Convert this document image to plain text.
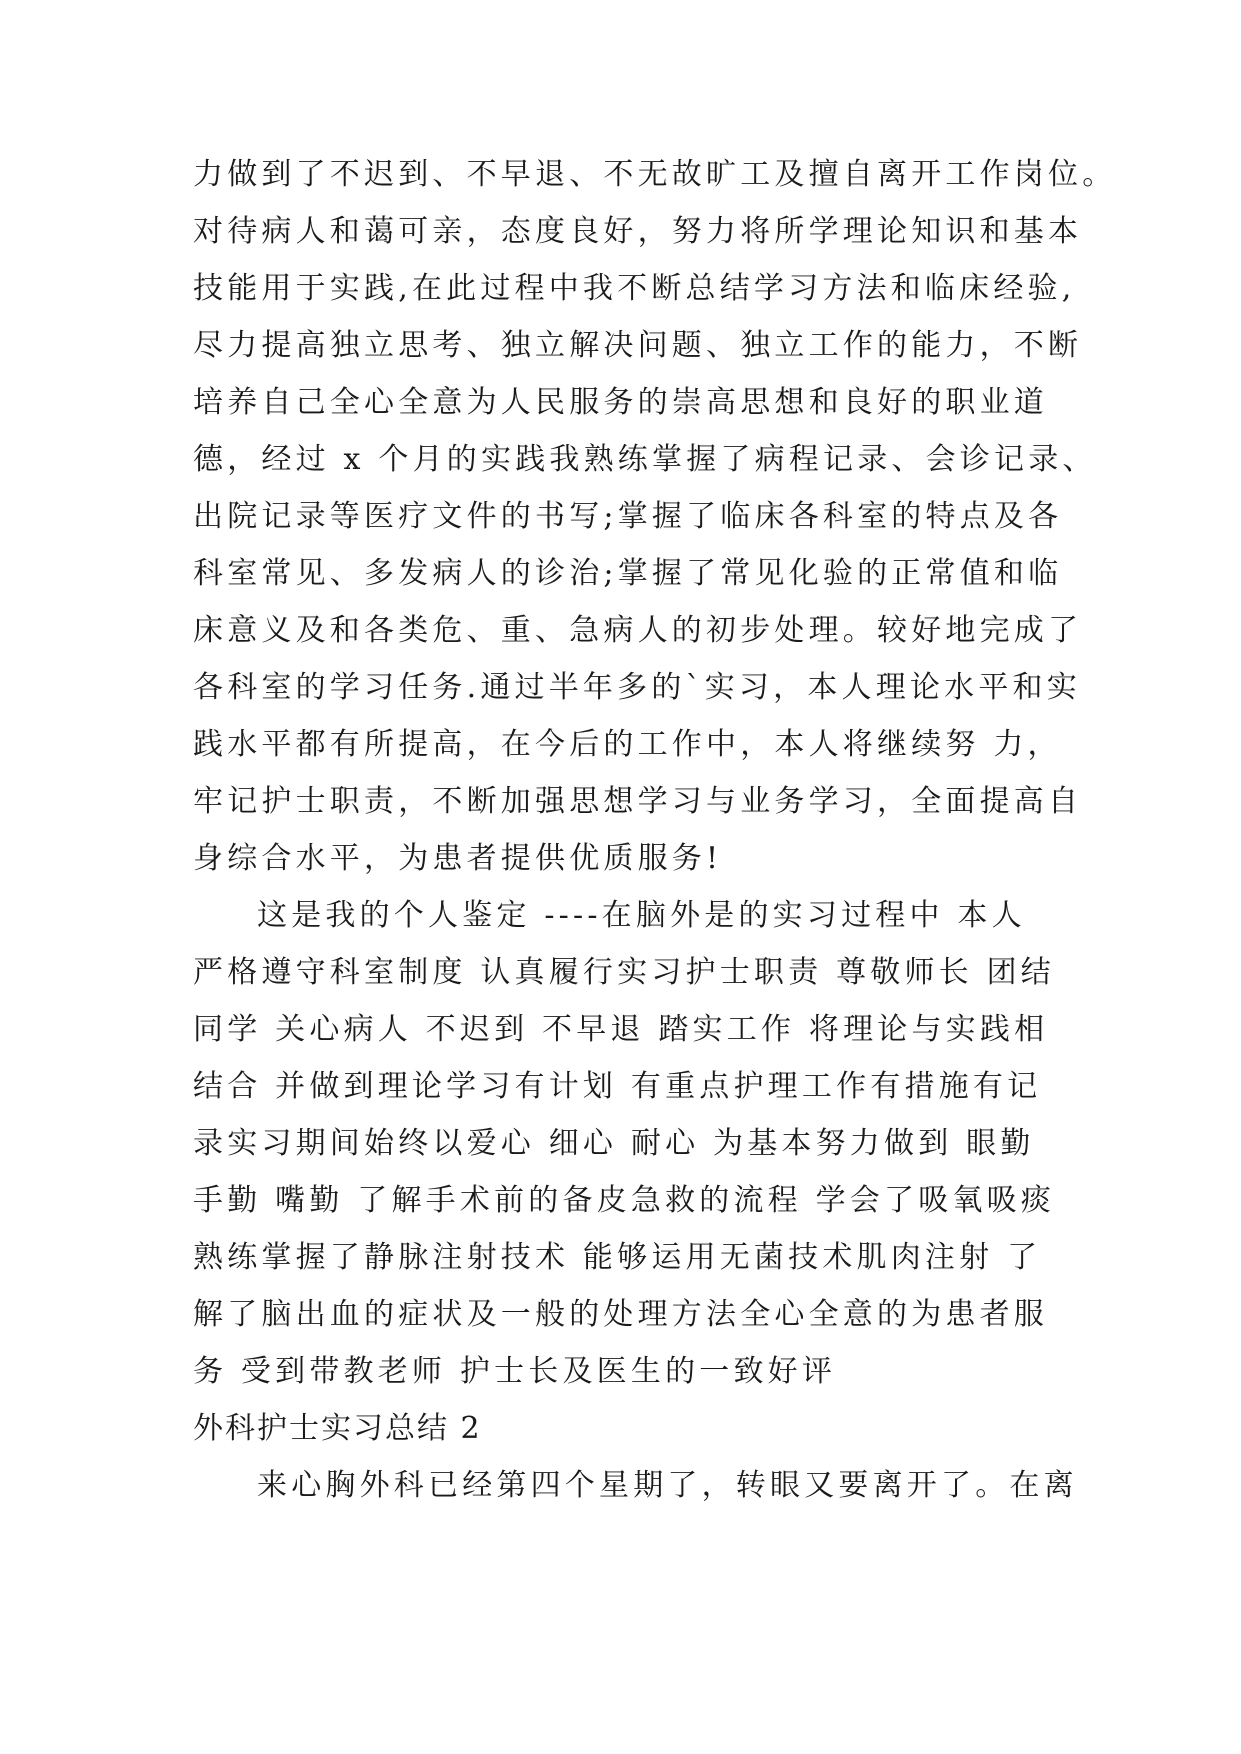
力做到了不迟到、不早退、不无故旷工及擅自离开工作岗位。
对待病人和蔼可亲，态度良好，努力将所学理论知识和基本
技能用于实践,在此过程中我不断总结学习方法和临床经验,
尽力提高独立思考、独立解决问题、独立工作的能力，不断
培养自己全心全意为人民服务的崇高思想和良好的职业道
德，经过 x 个月的实践我熟练掌握了病程记录、会诊记录、
出院记录等医疗文件的书写;掌握了临床各科室的特点及各
科室常见、多发病人的诊治;掌握了常见化验的正常值和临
床意义及和各类危、重、急病人的初步处理。较好地完成了
各科室的学习任务.通过半年多的`实习，本人理论水平和实
践水平都有所提高，在今后的工作中，本人将继续努 力，
牢记护士职责，不断加强思想学习与业务学习，全面提高自
身综合水平，为患者提供优质服务!
这是我的个人鉴定 ----在脑外是的实习过程中 本人
严格遵守科室制度 认真履行实习护士职责 尊敬师长 团结
同学 关心病人 不迟到 不早退 踏实工作 将理论与实践相
结合 并做到理论学习有计划 有重点护理工作有措施有记
录实习期间始终以爱心 细心 耐心 为基本努力做到 眼勤
手勤 嘴勤 了解手术前的备皮急救的流程 学会了吸氧吸痰
熟练掌握了静脉注射技术 能够运用无菌技术肌肉注射 了
解了脑出血的症状及一般的处理方法全心全意的为患者服
务 受到带教老师 护士长及医生的一致好评
外科护士实习总结 2
来心胸外科已经第四个星期了，转眼又要离开了。在离
